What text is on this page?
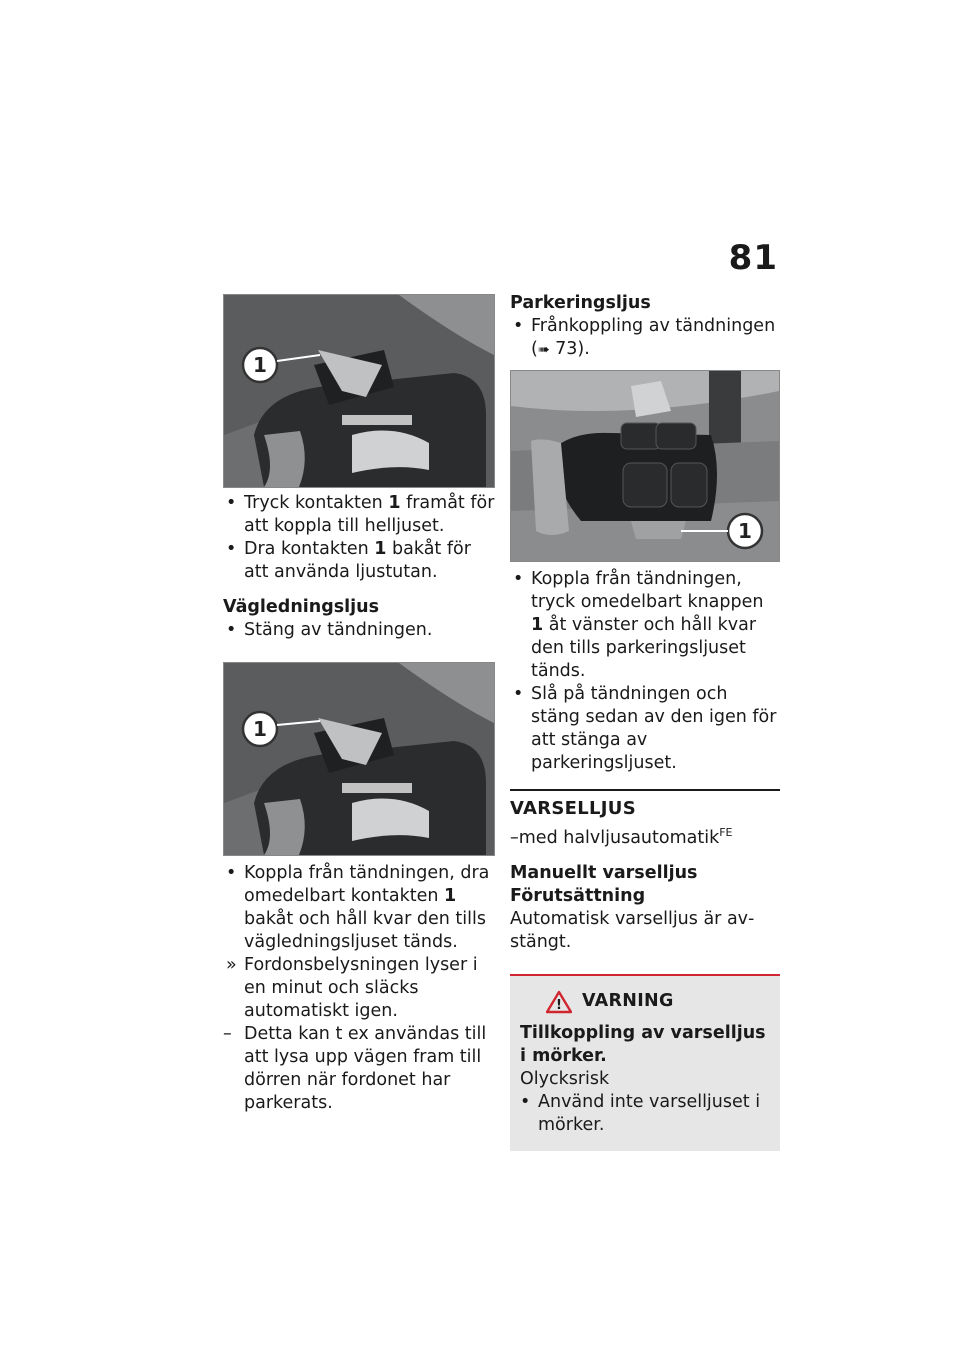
81
1
• Tryck kontakten 1 framåt för att koppla till helljuset.
• Dra kontakten 1 bakåt för att använda ljustutan.
Vägledningsljus
• Stäng av tändningen.
1
• Koppla från tändningen, dra omedelbart kontakten 1 bakåt och håll kvar den tills vägledningsljuset tänds.
» Fordonsbelysningen lyser i en minut och släcks automatiskt igen.
– Detta kan t ex användas till att lysa upp vägen fram till dörren när fordonet har parkerats.
Parkeringsljus
• Frånkoppling av tändningen
(➠ 73).
1
• Koppla från tändningen, tryck omedelbart knappen 1 åt vänster och håll kvar den tills parkeringsljuset tänds.
• Slå på tändningen och stäng sedan av den igen för att stänga av parkeringsljuset.
VARSELLJUS

–med halvljusautomatik$^{FE}$

Manuellt varselljus
Förutsättning

Automatisk varselljus är avstängt.

! VARNING

Tillkoppling av varselljus i mörker.

Olycksrisk

• Använd inte varselljuset i mörker.
